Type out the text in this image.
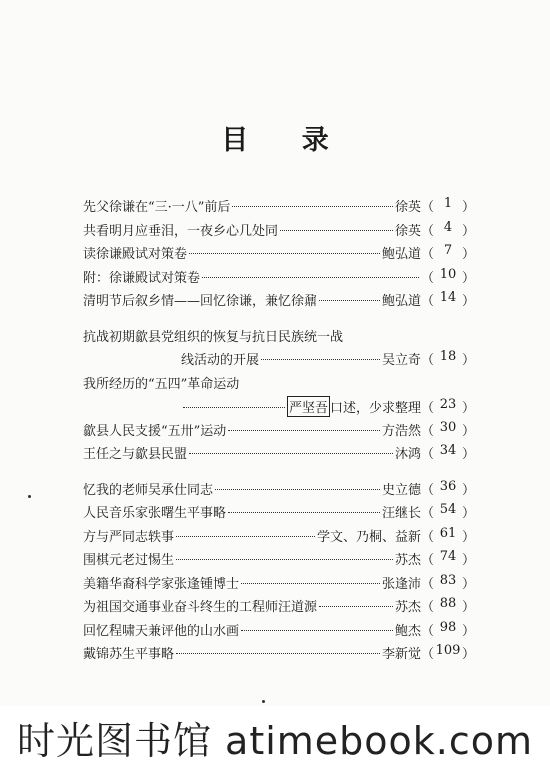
目 录
先父徐谦在“三·一八”前后	徐英 （ 1 ）
共看明月应垂泪，一夜乡心几处同	徐英 （ 4 ）
读徐谦殿试对策卷	鲍弘道 （ 7 ）
附：徐谦殿试对策卷	（ 10 ）
清明节后叙乡情——回忆徐谦，兼忆徐鼐	鲍弘道 （ 14 ）
抗战初期歙县党组织的恢复与抗日民族统一战
线活动的开展	吴立奇 （ 18 ）
我所经历的“五四”革命运动
严坚吾 口述，少求整理 （ 23 ）
歙县人民支援“五卅”运动	方浩然 （ 30 ）
王任之与歙县民盟	沐鸿 （ 34 ）
忆我的老师吴承仕同志	史立德 （ 36 ）
人民音乐家张曙生平事略	汪继长 （ 54 ）
方与严同志轶事	学文、乃桐、益新 （ 61 ）
围棋元老过惕生	苏杰 （ 74 ）
美籍华裔科学家张逢锺博士	张逢沛 （ 83 ）
为祖国交通事业奋斗终生的工程师汪道源	苏杰 （ 88 ）
回忆程啸天兼评他的山水画	鲍杰 （ 98 ）
戴锦苏生平事略	李新觉 （ 109 ）
时光图书馆 atimebook.com
